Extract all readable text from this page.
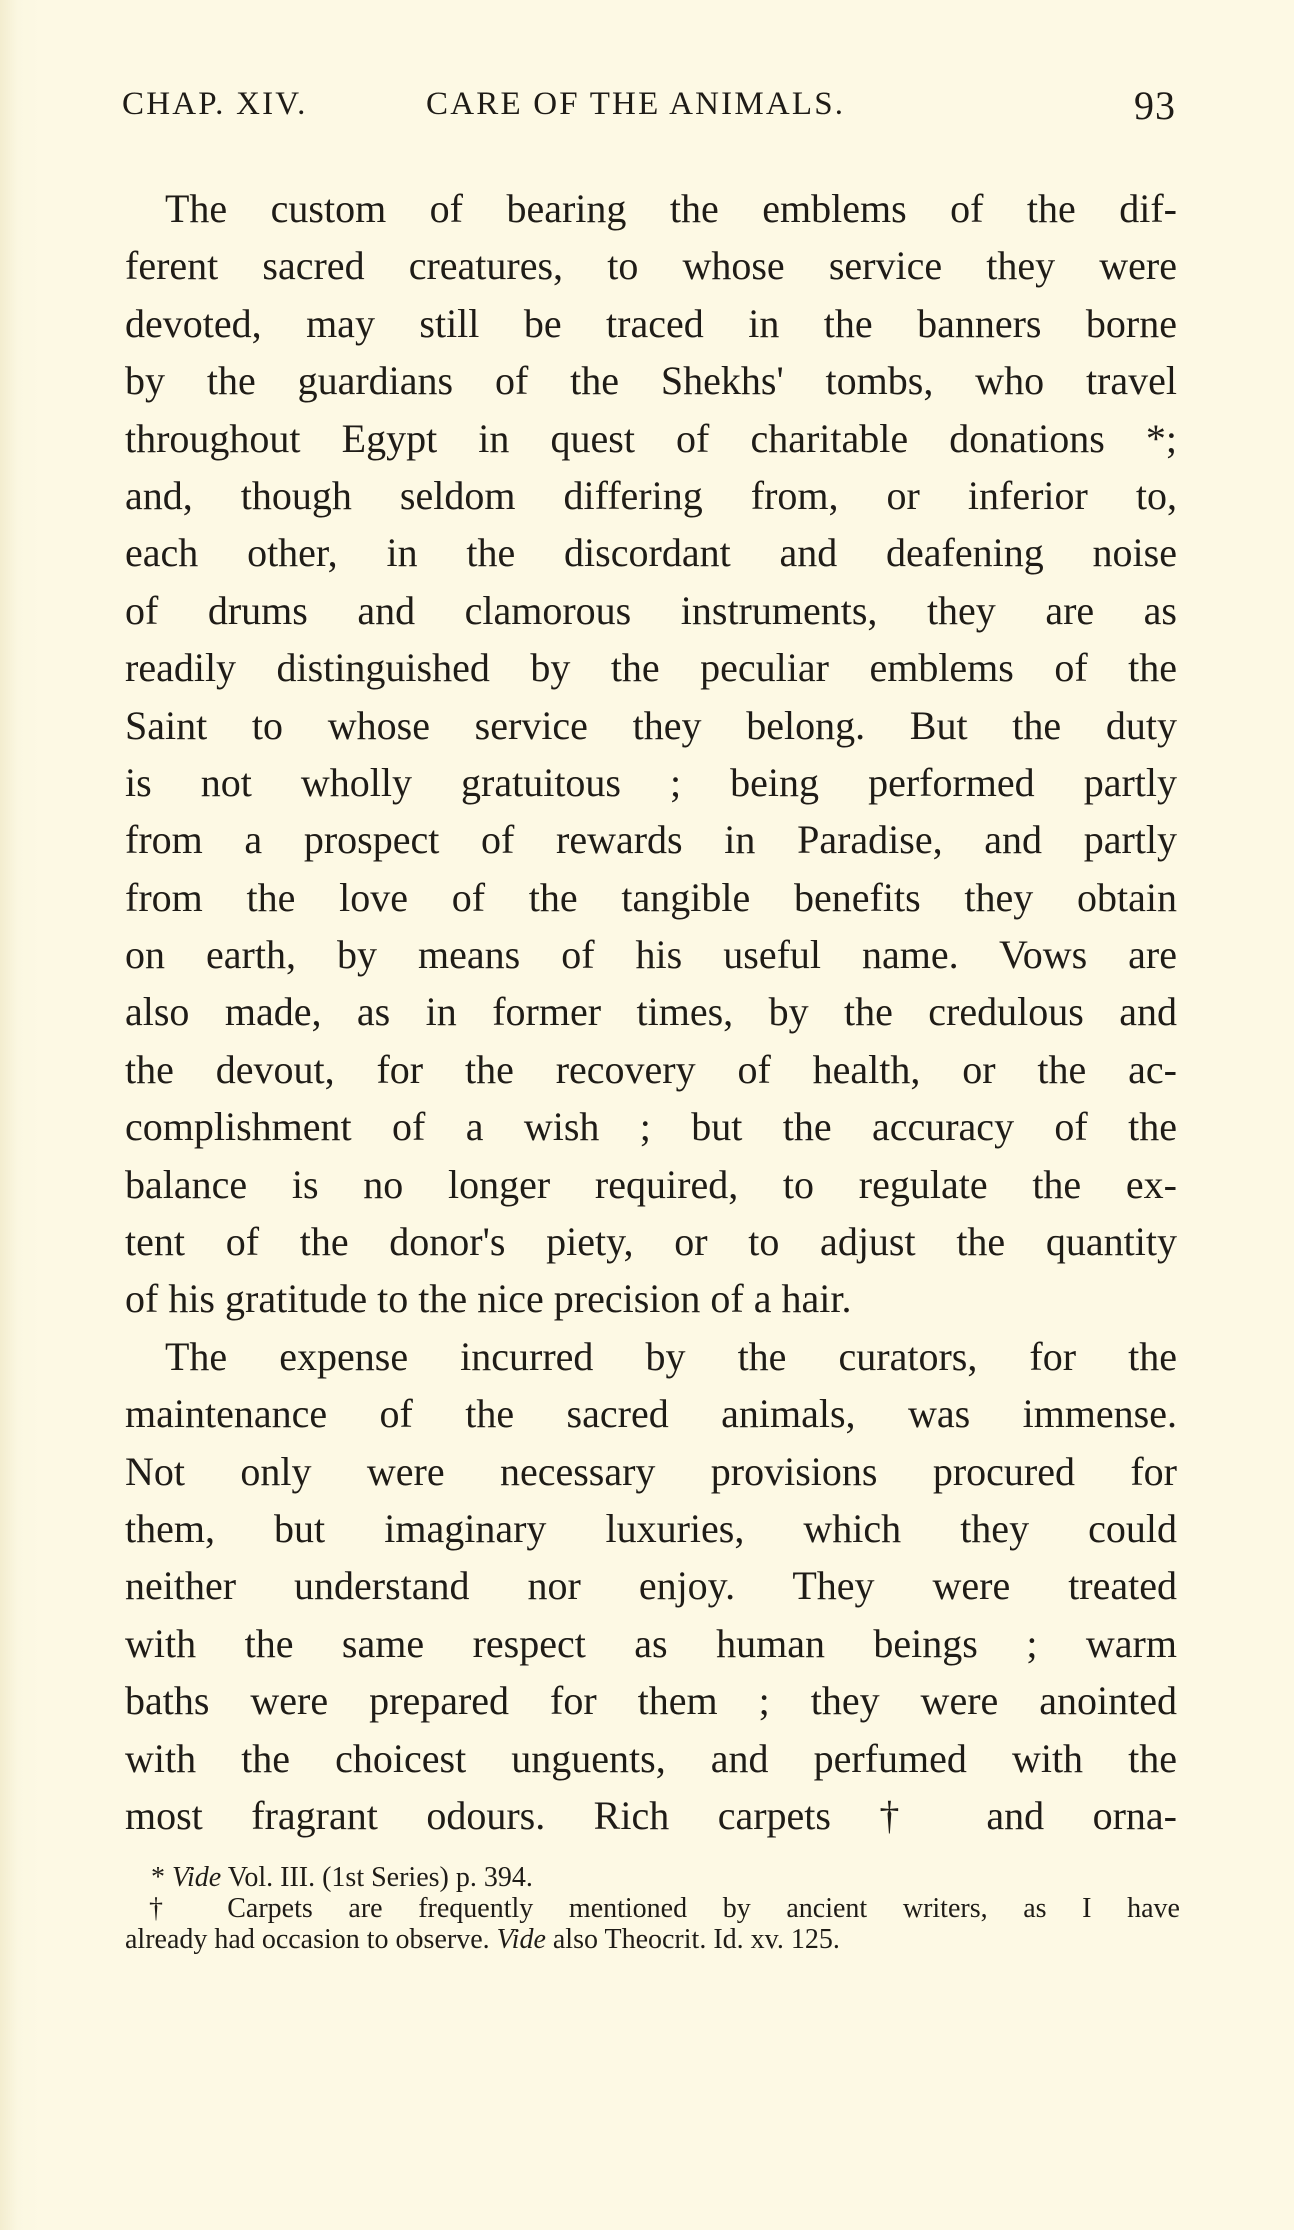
CHAP. XIV.	CARE OF THE ANIMALS.	93
The custom of bearing the emblems of the dif-
ferent sacred creatures, to whose service they were
devoted, may still be traced in the banners borne
by the guardians of the Shekhs' tombs, who travel
throughout Egypt in quest of charitable donations *;
and, though seldom differing from, or inferior to,
each other, in the discordant and deafening noise
of drums and clamorous instruments, they are as
readily distinguished by the peculiar emblems of the
Saint to whose service they belong. But the duty
is not wholly gratuitous ; being performed partly
from a prospect of rewards in Paradise, and partly
from the love of the tangible benefits they obtain
on earth, by means of his useful name. Vows are
also made, as in former times, by the credulous and
the devout, for the recovery of health, or the ac-
complishment of a wish ; but the accuracy of the
balance is no longer required, to regulate the ex-
tent of the donor's piety, or to adjust the quantity
of his gratitude to the nice precision of a hair.
The expense incurred by the curators, for the
maintenance of the sacred animals, was immense.
Not only were necessary provisions procured for
them, but imaginary luxuries, which they could
neither understand nor enjoy. They were treated
with the same respect as human beings ; warm
baths were prepared for them ; they were anointed
with the choicest unguents, and perfumed with the
most fragrant odours. Rich carpets † and orna-
* Vide Vol. III. (1st Series) p. 394.
† Carpets are frequently mentioned by ancient writers, as I have
already had occasion to observe. Vide also Theocrit. Id. xv. 125.
